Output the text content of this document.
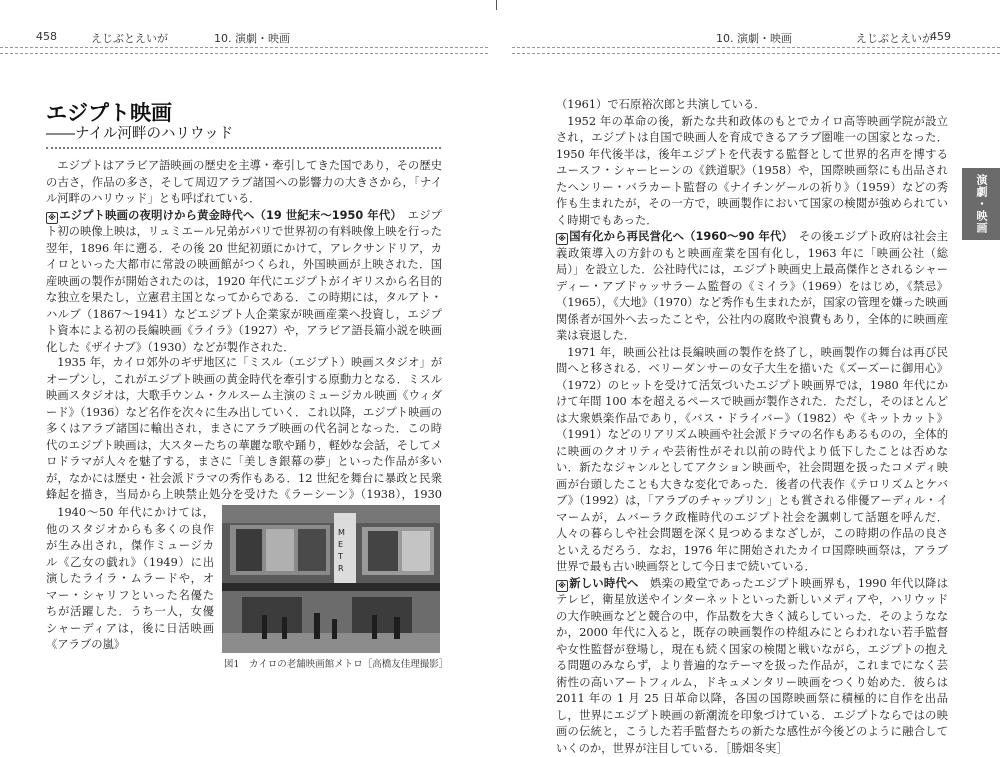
458	えじぶとえいが	10. 演劇・映画	10. 演劇・映画	えじぶとえいが
459
演劇・映画
エジプト映画
――ナイル河畔のハリウッド

エジプトはアラビア語映画の歴史を主導・牽引してきた国であり，その歴史の古さ，作品の多さ，そして周辺アラブ諸国への影響力の大きさから，「ナイル河畔のハリウッド」とも呼ばれている．

※ エジプト映画の夜明けから黄金時代へ（19 世紀末～1950 年代）　 エジプト初の映像上映は，リュミエール兄弟がパリで世界初の有料映像上映を行った翌年，1896 年に遡る．その後 20 世紀初頭にかけて，アレクサンドリア，カイロといった大都市に常設の映画館がつくられ，外国映画が上映された．国産映画の製作が開始されたのは，1920 年代にエジプトがイギリスから名目的な独立を果たし，立憲君主国となってからである．この時期には，タルアト・ハルブ（1867～1941）などエジプト人企業家が映画産業へ投資し，エジプト資本による初の長編映画《ライラ》（1927）や，アラビア語長篇小説を映画化した《ザイナブ》（1930）などが製作された．

1935 年，カイロ郊外のギザ地区に「ミスル（エジプト）映画スタジオ」がオープンし，これがエジプト映画の黄金時代を牽引する原動力となる．ミスル映画スタジオは，大歌手ウンム・クルスーム主演のミュージカル映画《ウィダード》（1936）など名作を次々に生み出していく．これ以降，エジプト映画の多くはアラブ諸国に輸出され，まさにアラブ映画の代名詞となった．この時代のエジプト映画は，大スターたちの華麗な歌や踊り，軽妙な会話，そしてメロドラマが人々を魅了する，まさに「美しき銀幕の夢」といった作品が多いが，なかには歴史・社会派ドラマの秀作もある．12 世紀を舞台に暴政と民衆蜂起を描き，当局から上映禁止処分を受けた《ラーシーン》（1938），1930

1940～50 年代にかけては，他のスタジオからも多くの良作が生み出され，傑作ミュージカル《乙女の戯れ》（1949）に出演したライラ・ムラードや，オマー・シャリフといった名優たちが活躍した．うち一人，女優シャーディアは，後に日活映画《アラブの嵐》

M
E
T
R
図1　カイロの老舗映画館メトロ［高橋友佳理撮影］

（1961）で石原裕次郎と共演している．

1952 年の革命の後，新たな共和政体のもとでカイロ高等映画学院が設立され，エジプトは自国で映画人を育成できるアラブ圏唯一の国家となった．1950 年代後半は，後年エジプトを代表する監督として世界的名声を博するユースフ・シャーヒーンの《鉄道駅》（1958）や，国際映画祭にも出品されたヘンリー・バラカート監督の《ナイチンゲールの祈り》（1959）などの秀作も生まれたが，その一方で，映画製作において国家の検閲が強められていく時期でもあった．

※ 国有化から再民営化へ（1960～90 年代）　 その後エジプト政府は社会主義政策導入の方針のもと映画産業を国有化し，1963 年に「映画公社（総局）」を設立した．公社時代には，エジプト映画史上最高傑作とされるシャーディー・アブドゥッサラーム監督の《ミイラ》（1969）をはじめ，《禁忌》（1965），《大地》（1970）など秀作も生まれたが，国家の管理を嫌った映画関係者が国外へ去ったことや，公社内の腐敗や浪費もあり，全体的に映画産業は衰退した．

1971 年，映画公社は長編映画の製作を終了し，映画製作の舞台は再び民間へと移される．ベリーダンサーの女子大生を描いた《ズーズーに御用心》（1972）のヒットを受けて活気づいたエジプト映画界では，1980 年代にかけて年間 100 本を超えるペースで映画が製作された．ただし，そのほとんどは大衆娯楽作品であり，《バス・ドライバー》（1982）や《キットカット》（1991）などのリアリズム映画や社会派ドラマの名作もあるものの，全体的に映画のクオリティや芸術性がそれ以前の時代より低下したことは否めない．新たなジャンルとしてアクション映画や，社会問題を扱ったコメディ映画が台頭したことも大きな変化であった．後者の代表作《テロリズムとケバブ》（1992）は，「アラブのチャップリン」とも賞される俳優アーディル・イマームが，ムバーラク政権時代のエジプト社会を諷刺して話題を呼んだ．人々の暮らしや社会問題を深く見つめるまなざしが，この時期の作品の良さといえるだろう．なお，1976 年に開始されたカイロ国際映画祭は，アラブ世界で最も古い映画祭として今日まで続いている．

※ 新しい時代へ　 娯楽の殿堂であったエジプト映画界も，1990 年代以降はテレビ，衛星放送やインターネットといった新しいメディアや，ハリウッドの大作映画などと競合の中，作品数を大きく減らしていった．そのようななか，2000 年代に入ると，既存の映画製作の枠組みにとらわれない若手監督や女性監督が登場し，現在も続く国家の検閲と戦いながら，エジプトの抱える問題のみならず，より普遍的なテーマを扱った作品が，これまでになく芸術性の高いアートフィルム，ドキュメンタリー映画をつくり始めた．彼らは 2011 年の 1 月 25 日革命以降，各国の国際映画祭に積極的に自作を出品し，世界にエジプト映画の新潮流を印象づけている．エジプトならではの映画の伝統と，こうした若手監督たちの新たな感性が今後どのように融合していくのか，世界が注目している．［勝畑冬実］
